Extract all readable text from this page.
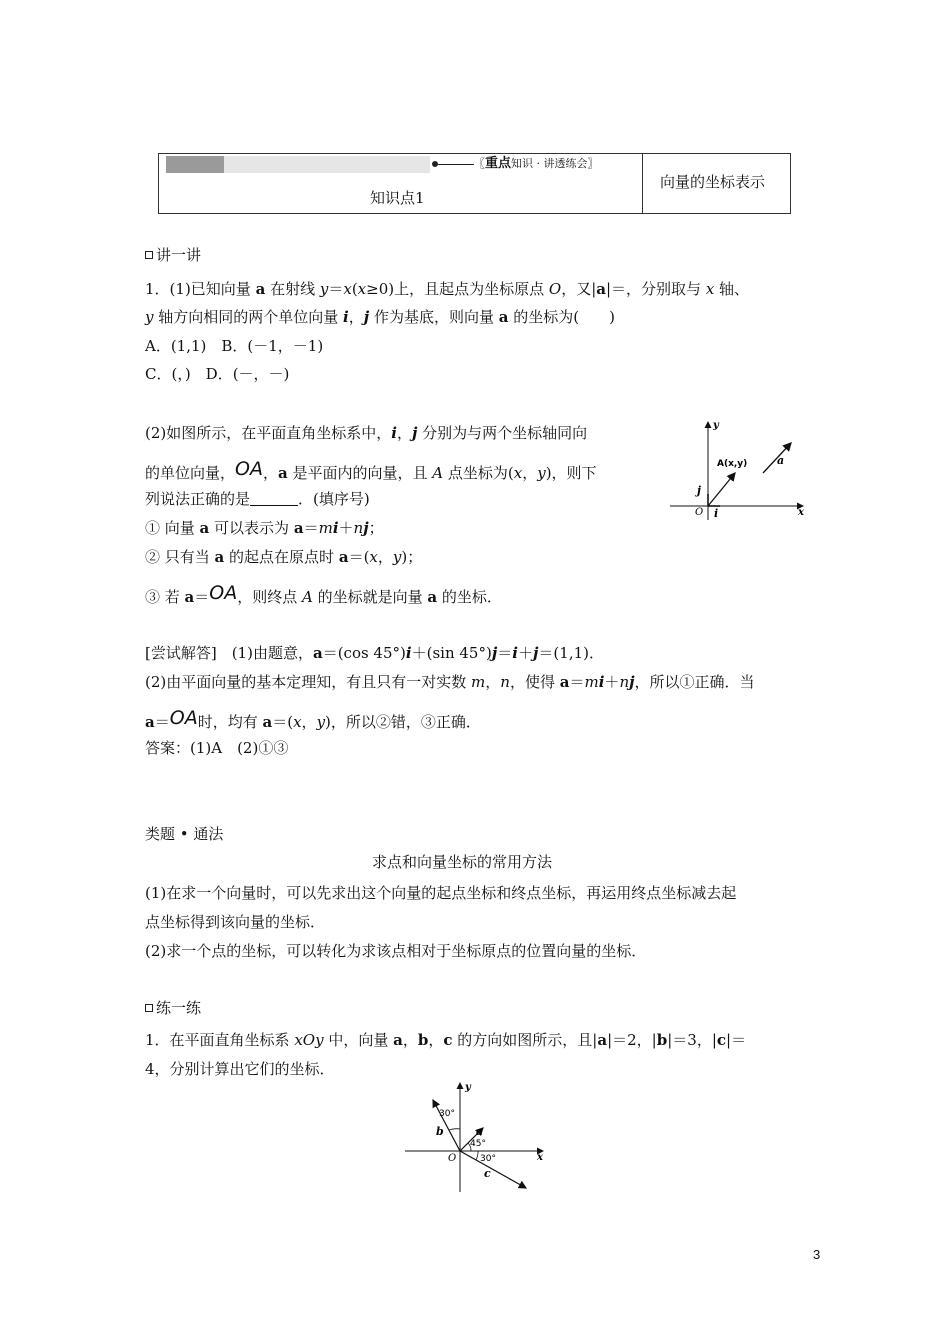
〖重点知识 · 讲透练会〗
知识点1
向量的坐标表示
讲一讲
1．(1)已知向量 a 在射线 y＝x(x≥0)上，且起点为坐标原点 O，又|a|＝，分别取与 x 轴、
y 轴方向相同的两个单位向量 i，j 作为基底，则向量 a 的坐标为(　　)
A．(1,1)　B．(－1，－1)
C．(，)　D．(－，－)
(2)如图所示，在平面直角坐标系中，i，j 分别为与两个坐标轴同向
的单位向量，OA，a 是平面内的向量，且 A 点坐标为(x，y)，则下
列说法正确的是	．(填序号)
① 向量 a 可以表示为 a＝mi＋nj；
② 只有当 a 的起点在原点时 a＝(x，y)；
③ 若 a＝OA，则终点 A 的坐标就是向量 a 的坐标．
y
x
O
A(x,y)	a
i
j
[尝试解答]　(1)由题意，a＝(cos 45°)i＋(sin 45°)j＝i＋j＝(1,1)．
(2)由平面向量的基本定理知，有且只有一对实数 m，n，使得 a＝mi＋nj，所以①正确．当
a＝OA时，均有 a＝(x，y)，所以②错，③正确．
答案：(1)A　(2)①③
类题 • 通法
求点和向量坐标的常用方法
(1)在求一个向量时，可以先求出这个向量的起点坐标和终点坐标，再运用终点坐标减去起
点坐标得到该向量的坐标．
(2)求一个点的坐标，可以转化为求该点相对于坐标原点的位置向量的坐标．
练一练
1．在平面直角坐标系 xOy 中，向量 a，b，c 的方向如图所示，且|a|＝2，|b|＝3，|c|＝
4，分别计算出它们的坐标．
y
x
O
30°
b	a
45°
30°
c
3
